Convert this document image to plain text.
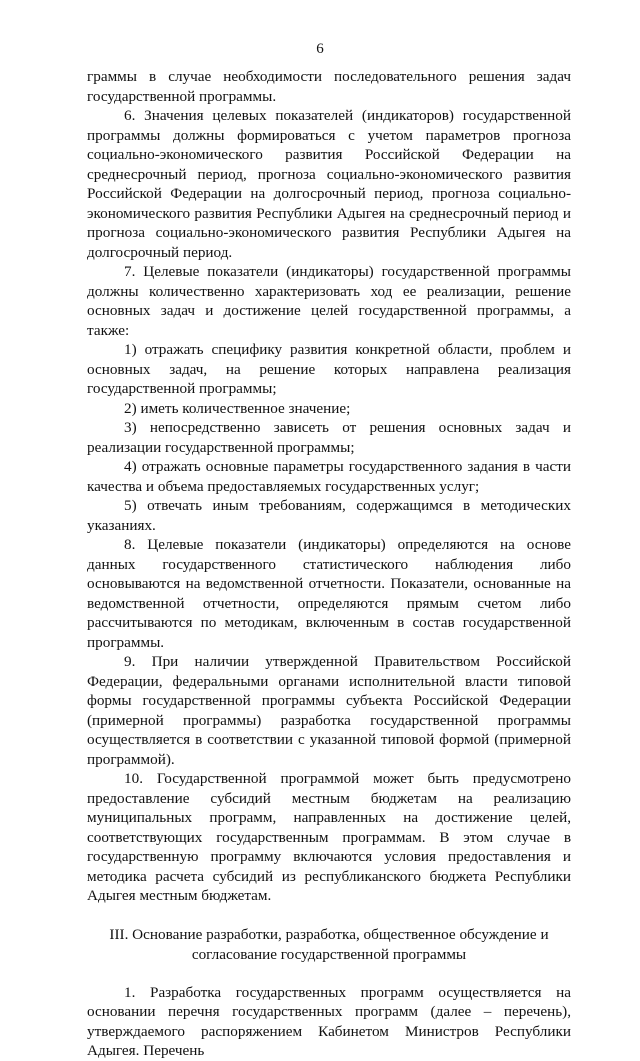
6

граммы в случае необходимости последовательного решения задач государственной программы.

6. Значения целевых показателей (индикаторов) государственной программы должны формироваться с учетом параметров прогноза социально-экономического развития Российской Федерации на среднесрочный период, прогноза социально-экономического развития Российской Федерации на долгосрочный период, прогноза социально-экономического развития Республики Адыгея на среднесрочный период и прогноза социально-экономического развития Республики Адыгея на долгосрочный период.

7. Целевые показатели (индикаторы) государственной программы должны количественно характеризовать ход ее реализации, решение основных задач и достижение целей государственной программы, а также:

1) отражать специфику развития конкретной области, проблем и основных задач, на решение которых направлена реализация государственной программы;

2) иметь количественное значение;

3) непосредственно зависеть от решения основных задач и реализации государственной программы;

4) отражать основные параметры государственного задания в части качества и объема предоставляемых государственных услуг;

5) отвечать иным требованиям, содержащимся в методических указаниях.

8. Целевые показатели (индикаторы) определяются на основе данных государственного статистического наблюдения либо основываются на ведомственной отчетности. Показатели, основанные на ведомственной отчетности, определяются прямым счетом либо рассчитываются по методикам, включенным в состав государственной программы.

9. При наличии утвержденной Правительством Российской Федерации, федеральными органами исполнительной власти типовой формы государственной программы субъекта Российской Федерации (примерной программы) разработка государственной программы осуществляется в соответствии с указанной типовой формой (примерной программой).

10. Государственной программой может быть предусмотрено предоставление субсидий местным бюджетам на реализацию муниципальных программ, направленных на достижение целей, соответствующих государственным программам. В этом случае в государственную программу включаются условия предоставления и методика расчета субсидий из республиканского бюджета Республики Адыгея местным бюджетам.

III. Основание разработки, разработка, общественное обсуждение и
согласование государственной программы

1. Разработка государственных программ осуществляется на основании перечня государственных программ (далее – перечень), утверждаемого распоряжением Кабинетом Министров Республики Адыгея. Перечень
